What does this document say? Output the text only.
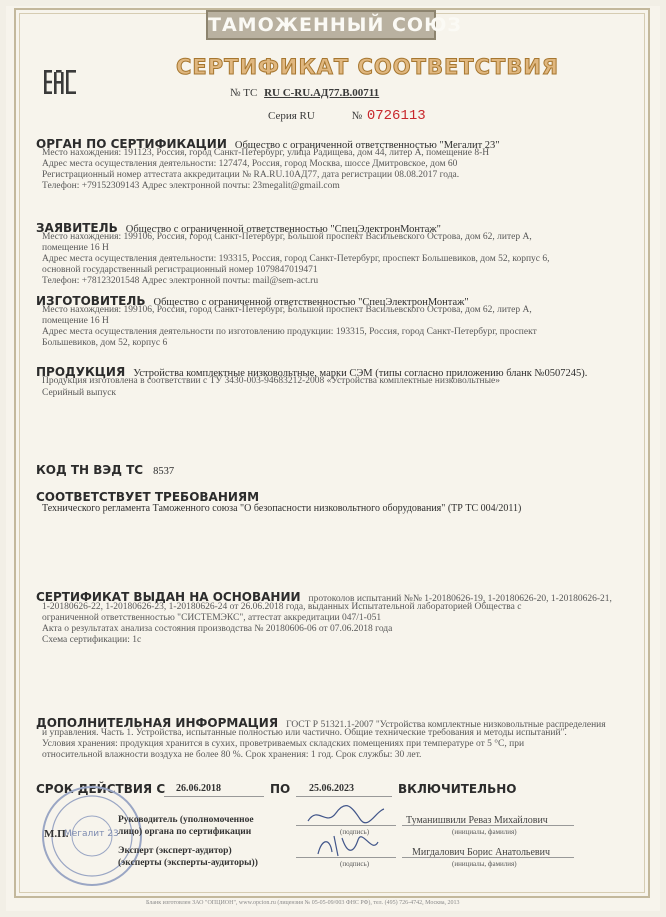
ТАМОЖЕННЫЙ СОЮЗ
СЕРТИФИКАТ СООТВЕТСТВИЯ
№ ТС RU C-RU.АД77.В.00711
Серия RU	№ 0726113
ОРГАН ПО СЕРТИФИКАЦИИ Общество с ограниченной ответственностью "Мегалит 23"
Место нахождения: 191123, Россия, город Санкт-Петербург, улица Радищева, дом 44, литер А, помещение 8-Н
Адрес места осуществления деятельности: 127474, Россия, город Москва, шоссе Дмитровское, дом 60
Регистрационный номер аттестата аккредитации № RA.RU.10АД77, дата регистрации 08.08.2017 года.
Телефон: +79152309143 Адрес электронной почты: 23megalit@gmail.com
ЗАЯВИТЕЛЬ Общество с ограниченной ответственностью "СпецЭлектронМонтаж"
Место нахождения: 199106, Россия, город Санкт-Петербург, Большой проспект Васильевского Острова, дом 62, литер А,
помещение 16 Н
Адрес места осуществления деятельности: 193315, Россия, город Санкт-Петербург, проспект Большевиков, дом 52, корпус 6,
основной государственный регистрационный номер 1079847019471
Телефон: +78123201548 Адрес электронной почты: mail@sem-act.ru
ИЗГОТОВИТЕЛЬ Общество с ограниченной ответственностью "СпецЭлектронМонтаж"
Место нахождения: 199106, Россия, город Санкт-Петербург, Большой проспект Васильевского Острова, дом 62, литер А,
помещение 16 Н
Адрес места осуществления деятельности по изготовлению продукции: 193315, Россия, город Санкт-Петербург, проспект
Большевиков, дом 52, корпус 6
ПРОДУКЦИЯ Устройства комплектные низковольтные, марки СЭМ (типы согласно приложению бланк №0507245).
Продукция изготовлена в соответствии с ТУ 3430-003-94683212-2008 «Устройства комплектные низковольтные»
Серийный выпуск
КОД ТН ВЭД ТС 8537
СООТВЕТСТВУЕТ ТРЕБОВАНИЯМ
Технического регламента Таможенного союза "О безопасности низковольтного оборудования" (ТР ТС 004/2011)
СЕРТИФИКАТ ВЫДАН НА ОСНОВАНИИ протоколов испытаний №№ 1-20180626-19, 1-20180626-20, 1-20180626-21,
1-20180626-22, 1-20180626-23, 1-20180626-24 от 26.06.2018 года, выданных Испытательной лабораторией Общества с
ограниченной ответственностью "СИСТЕМЭКС", аттестат аккредитации 047/1-051
Акта о результатах анализа состояния производства № 20180606-06 от 07.06.2018 года
Схема сертификации: 1с
ДОПОЛНИТЕЛЬНАЯ ИНФОРМАЦИЯ ГОСТ Р 51321.1-2007 "Устройства комплектные низковольтные распределения
и управления. Часть 1. Устройства, испытанные полностью или частично. Общие технические требования и методы испытаний".
Условия хранения: продукция хранится в сухих, проветриваемых складских помещениях при температуре от 5 °С, при
относительной влажности воздуха не более 80 %. Срок хранения: 1 год. Срок службы: 30 лет.
СРОК ДЕЙСТВИЯ С 26.06.2018	ПО 25.06.2023	ВКЛЮЧИТЕЛЬНО
Мегалит 23
М.П.
Руководитель (уполномоченное
лицо) органа по сертификации	(подпись)
Туманишвили Реваз Михайлович
(инициалы, фамилия)
Эксперт (эксперт-аудитор)
(эксперты (эксперты-аудиторы))	(подпись)
Мигдалович Борис Анатольевич
(инициалы, фамилия)
Бланк изготовлен ЗАО "ОПЦИОН", www.opcion.ru (лицензия № 05-05-09/003 ФНС РФ), тел. (495) 726-4742, Москва, 2013
